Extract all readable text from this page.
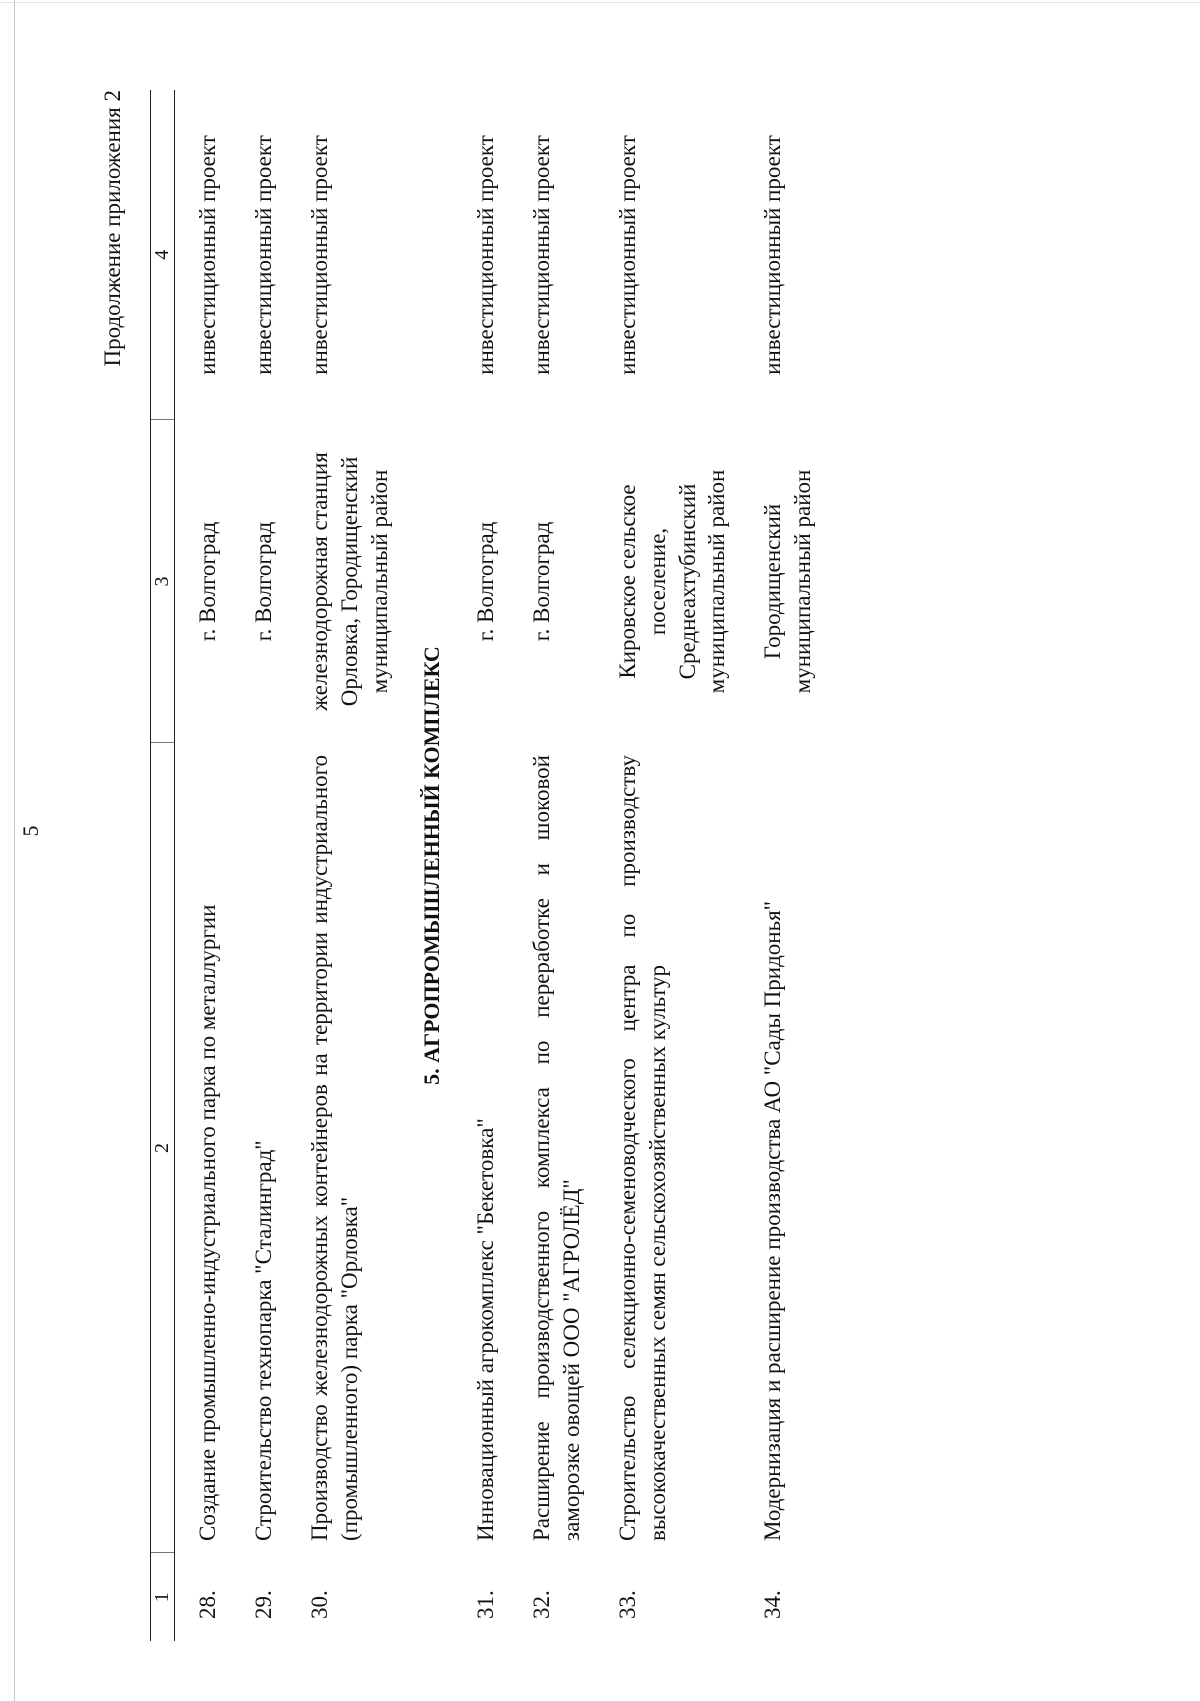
5
Продолжение приложения 2
1	2	3	4
28.	Создание промышленно-индустриального парка по металлургии	г. Волгоград	инвестиционный проект
29.	Строительство технопарка "Сталинград"	г. Волгоград	инвестиционный проект
30.	Производство железнодорожных контейнеров на территории индустриального (промышленного) парка "Орловка"	железнодорожная станция Орловка, Городищенский муниципальный район	инвестиционный проект
5. АГРОПРОМЫШЛЕННЫЙ КОМПЛЕКС			
31.	Инновационный агрокомплекс "Бекетовка"	г. Волгоград	инвестиционный проект
32.	Расширение производственного комплекса по переработке и шоковой заморозке овощей ООО "АГРОЛЁД"	г. Волгоград	инвестиционный проект
33.	Строительство селекционно-семеноводческого центра по производству высококачественных семян сельскохозяйственных культур	Кировское сельское поселение, Среднеахтубинский муниципальный район	инвестиционный проект
34.	Модернизация и расширение производства АО "Сады Придонья"	Городищенский муниципальный район	инвестиционный проект
